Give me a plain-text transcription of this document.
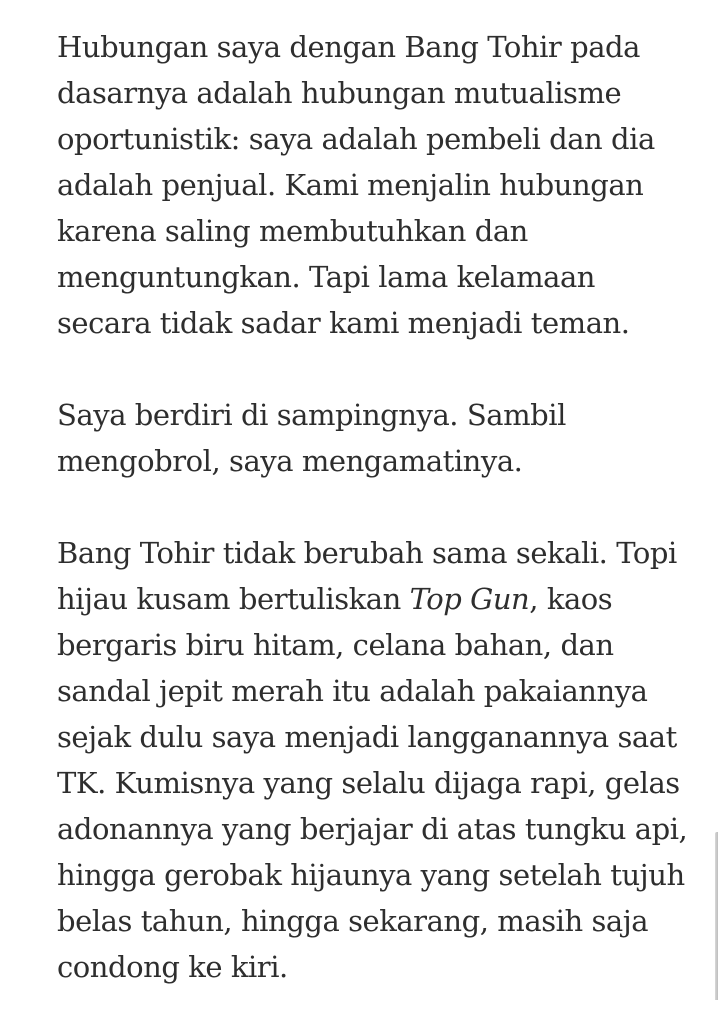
Hubungan saya dengan Bang Tohir pada
dasarnya adalah hubungan mutualisme
oportunistik: saya adalah pembeli dan dia
adalah penjual. Kami menjalin hubungan
karena saling membutuhkan dan
menguntungkan. Tapi lama kelamaan
secara tidak sadar kami menjadi teman.

Saya berdiri di sampingnya. Sambil
mengobrol, saya mengamatinya.

Bang Tohir tidak berubah sama sekali. Topi
hijau kusam bertuliskan Top Gun, kaos
bergaris biru hitam, celana bahan, dan
sandal jepit merah itu adalah pakaiannya
sejak dulu saya menjadi langganannya saat
TK. Kumisnya yang selalu dijaga rapi, gelas
adonannya yang berjajar di atas tungku api,
hingga gerobak hijaunya yang setelah tujuh
belas tahun, hingga sekarang, masih saja
condong ke kiri.
